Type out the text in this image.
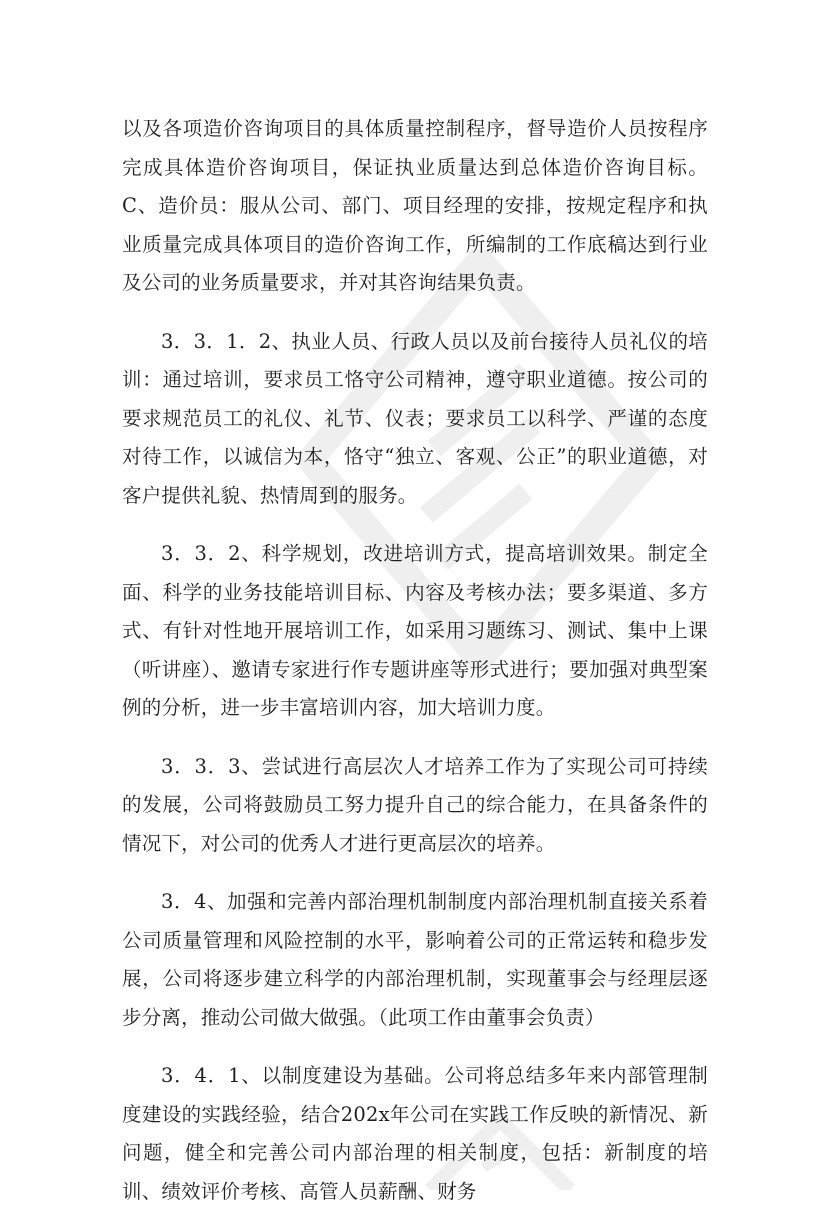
以及各项造价咨询项目的具体质量控制程序，督导造价人员按程序完成具体造价咨询项目，保证执业质量达到总体造价咨询目标。C、造价员：服从公司、部门、项目经理的安排，按规定程序和执业质量完成具体项目的造价咨询工作，所编制的工作底稿达到行业及公司的业务质量要求，并对其咨询结果负责。

3．3．1．2、执业人员、行政人员以及前台接待人员礼仪的培训：通过培训，要求员工恪守公司精神，遵守职业道德。按公司的要求规范员工的礼仪、礼节、仪表；要求员工以科学、严谨的态度对待工作，以诚信为本，恪守“独立、客观、公正”的职业道德，对客户提供礼貌、热情周到的服务。

3．3．2、科学规划，改进培训方式，提高培训效果。制定全面、科学的业务技能培训目标、内容及考核办法；要多渠道、多方式、有针对性地开展培训工作，如采用习题练习、测试、集中上课（听讲座）、邀请专家进行作专题讲座等形式进行；要加强对典型案例的分析，进一步丰富培训内容，加大培训力度。

3．3．3、尝试进行高层次人才培养工作为了实现公司可持续的发展，公司将鼓励员工努力提升自己的综合能力，在具备条件的情况下，对公司的优秀人才进行更高层次的培养。

3．4、加强和完善内部治理机制制度内部治理机制直接关系着公司质量管理和风险控制的水平，影响着公司的正常运转和稳步发展，公司将逐步建立科学的内部治理机制，实现董事会与经理层逐步分离，推动公司做大做强。（此项工作由董事会负责）

3．4．1、以制度建设为基础。公司将总结多年来内部管理制度建设的实践经验，结合202x年公司在实践工作反映的新情况、新问题，健全和完善公司内部治理的相关制度，包括：新制度的培训、绩效评价考核、高管人员薪酬、财务
